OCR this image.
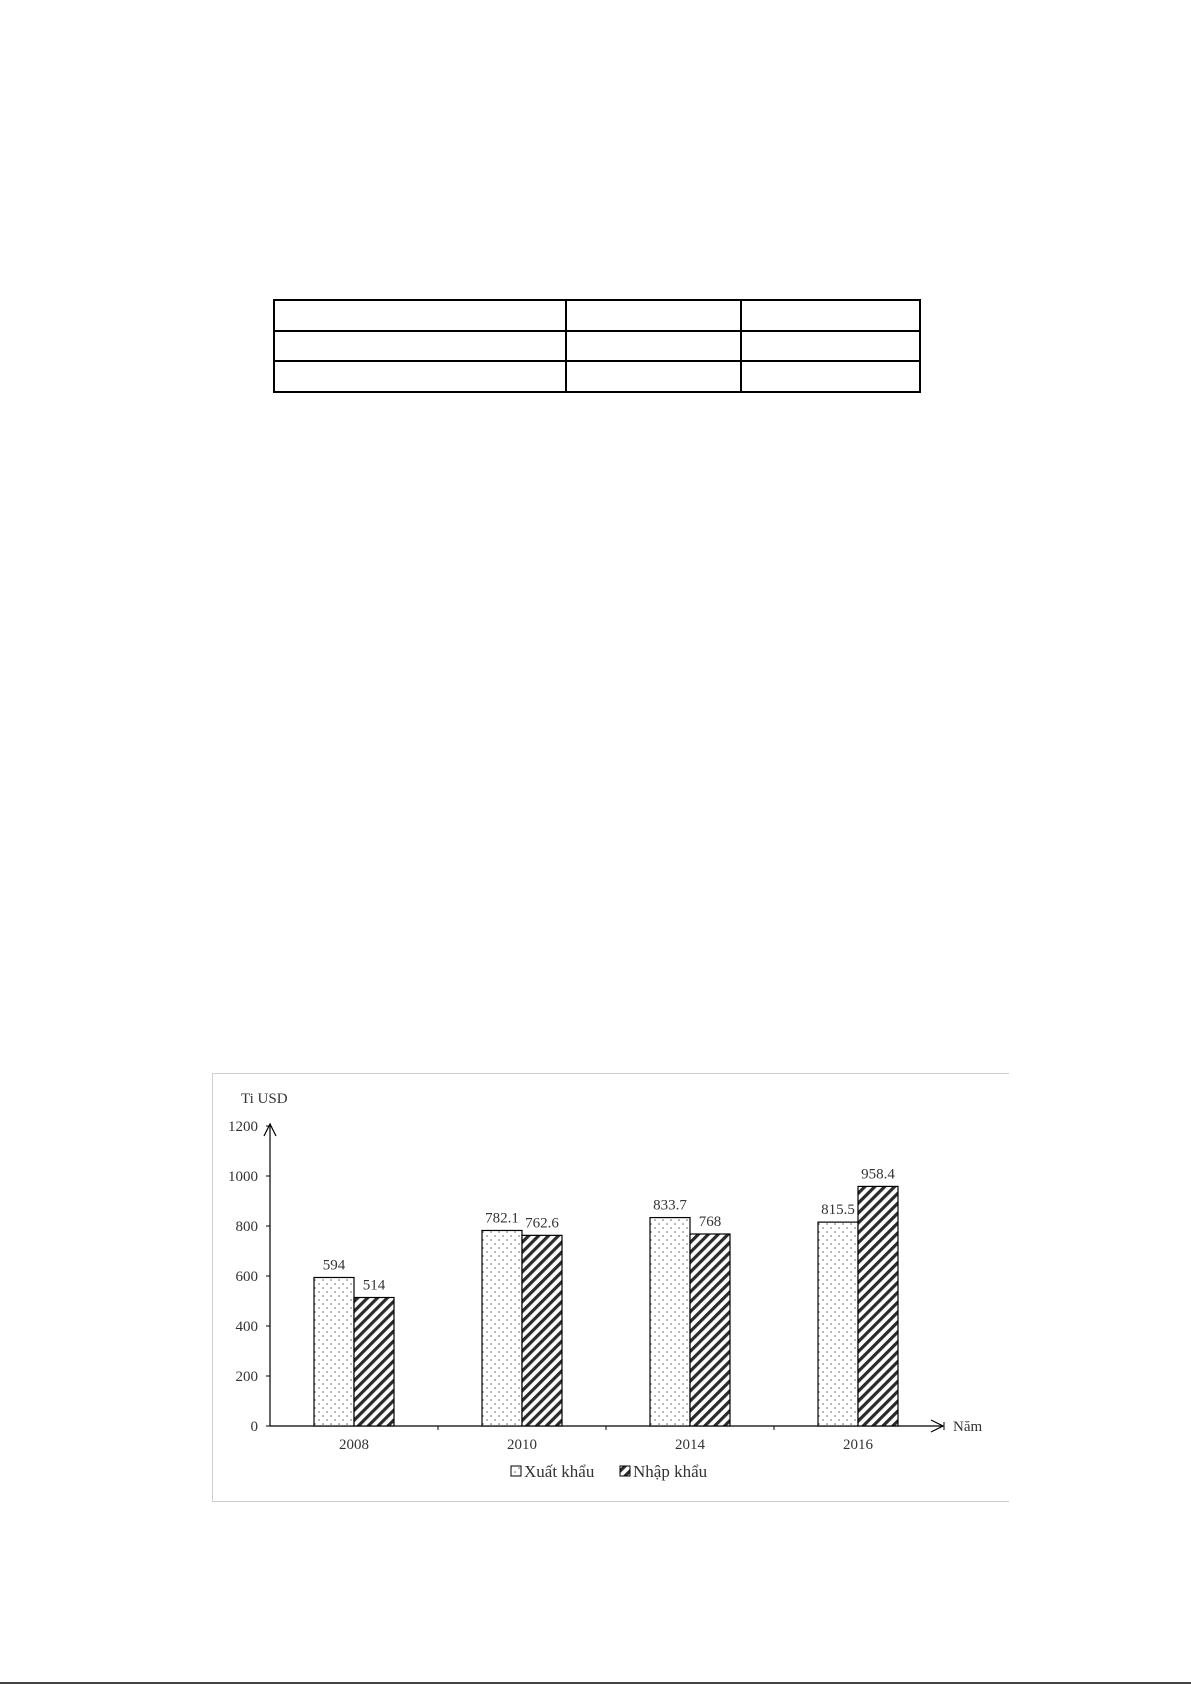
0
200
400
600
800
1000
1200
Ti USD
Năm
2008	2010	2014	2016
594
514
782.1 762.6
833.7
768
815.5
958.4
Xuất khẩu Nhập khẩu
